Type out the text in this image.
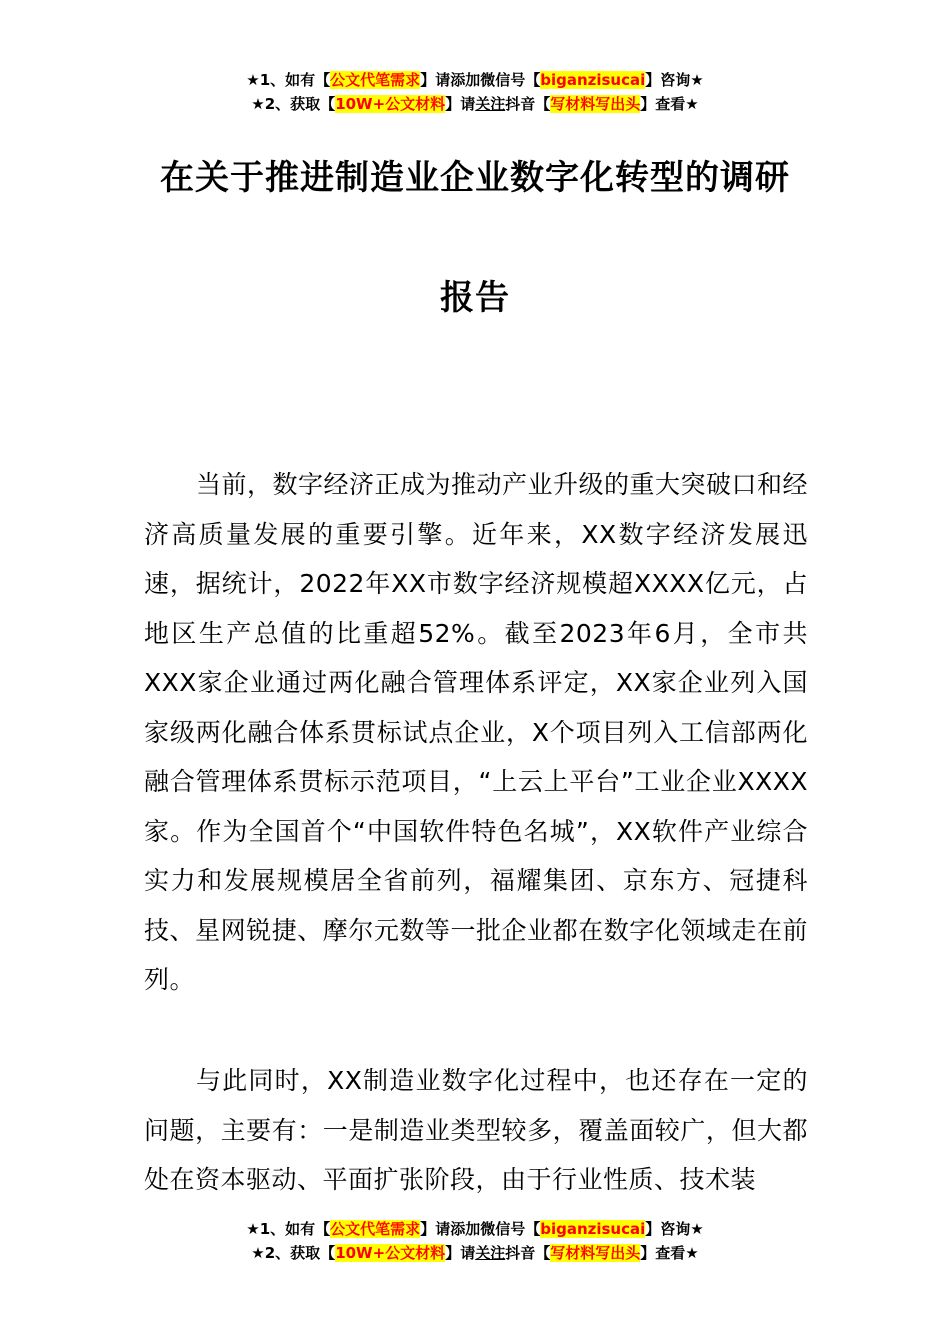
★1、如有【公文代笔需求】请添加微信号【biganzisucai】咨询★
★2、获取【10W+公文材料】请关注抖音【写材料写出头】查看★
在关于推进制造业企业数字化转型的调研
报告

当前，数字经济正成为推动产业升级的重大突破口和经济高质量发展的重要引擎。近年来，XX数字经济发展迅速，据统计，2022年XX市数字经济规模超XXXX亿元，占地区生产总值的比重超52%。截至2023年6月，全市共XXX家企业通过两化融合管理体系评定，XX家企业列入国家级两化融合体系贯标试点企业，X个项目列入工信部两化融合管理体系贯标示范项目，“上云上平台”工业企业XXXX家。作为全国首个“中国软件特色名城”，XX软件产业综合实力和发展规模居全省前列，福耀集团、京东方、冠捷科技、星网锐捷、摩尔元数等一批企业都在数字化领域走在前列。

与此同时，XX制造业数字化过程中，也还存在一定的问题，主要有：一是制造业类型较多，覆盖面较广，但大都处在资本驱动、平面扩张阶段，由于行业性质、技术装

★1、如有【公文代笔需求】请添加微信号【biganzisucai】咨询★
★2、获取【10W+公文材料】请关注抖音【写材料写出头】查看★
